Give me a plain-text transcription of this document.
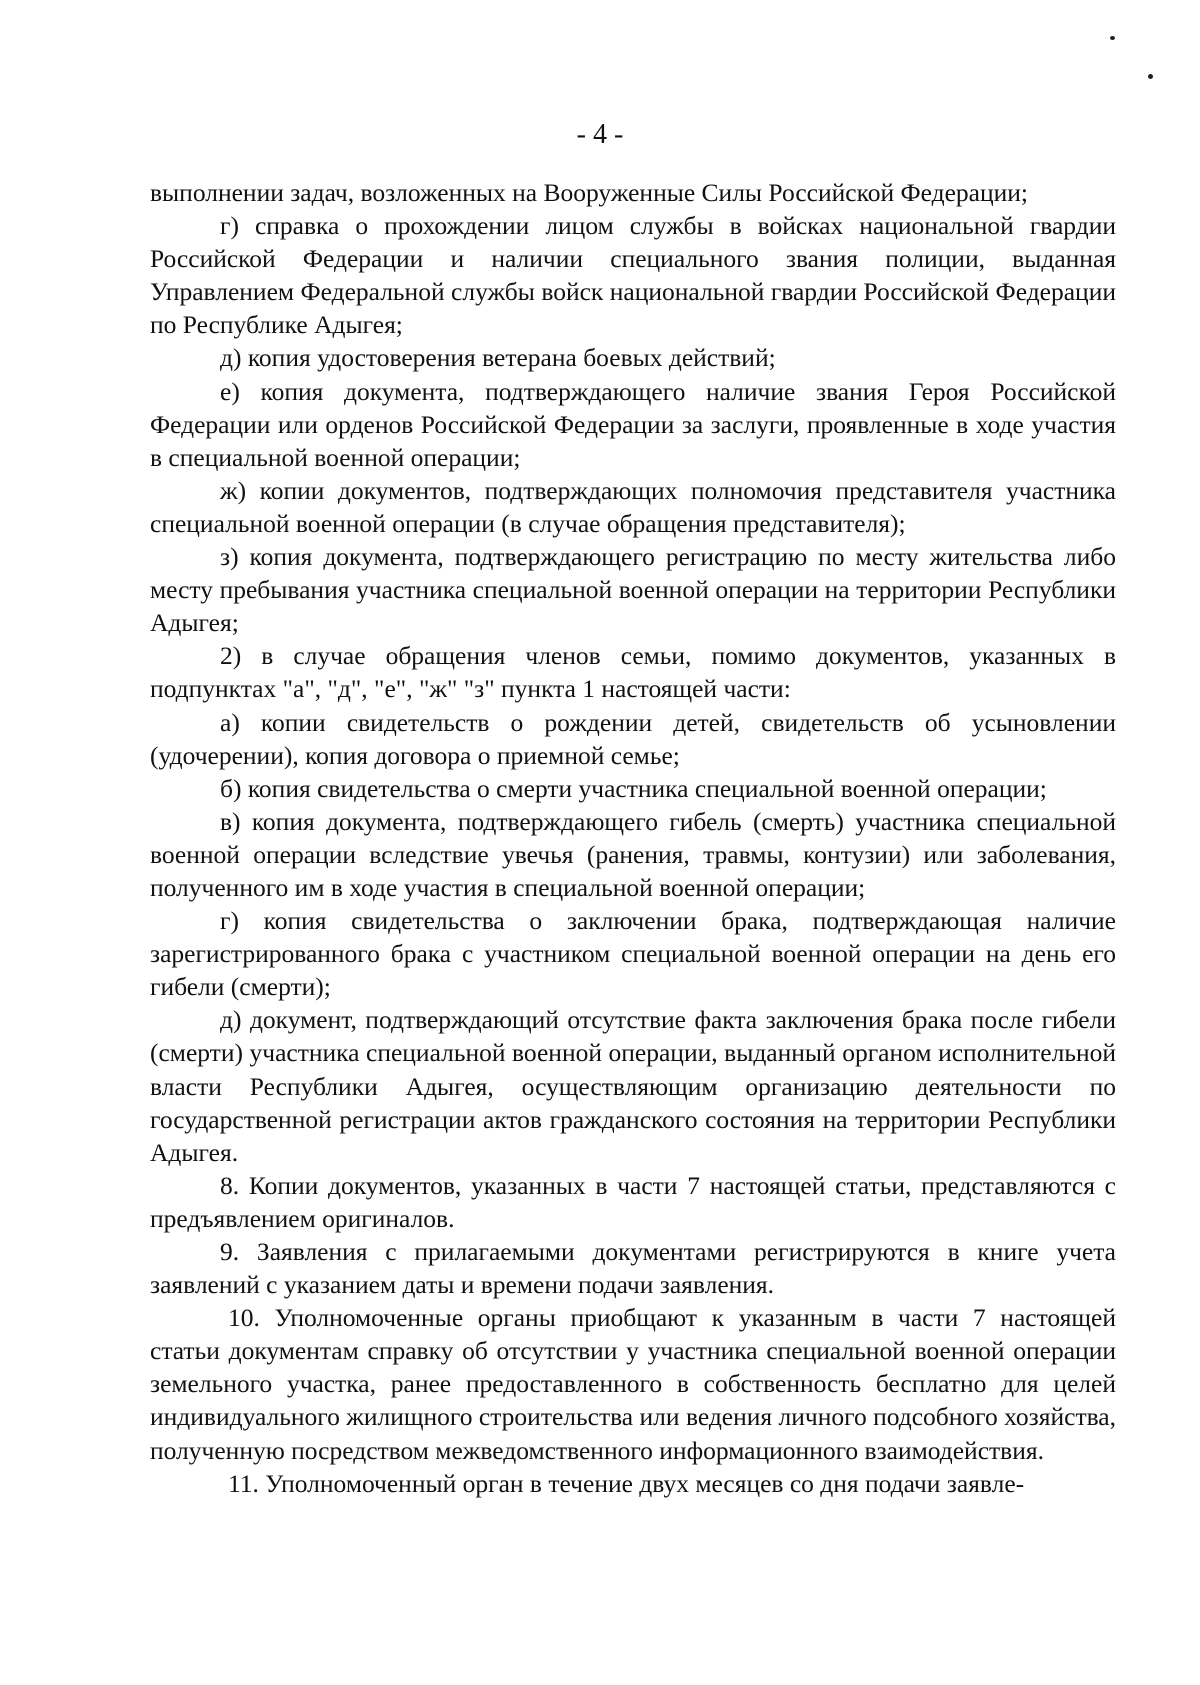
- 4 -

выполнении задач, возложенных на Вооруженные Силы Российской Федерации;

г) справка о прохождении лицом службы в войсках национальной гвардии Российской Федерации и наличии специального звания полиции, выданная Управлением Федеральной службы войск национальной гвардии Российской Федерации по Республике Адыгея;

д) копия удостоверения ветерана боевых действий;

е) копия документа, подтверждающего наличие звания Героя Российской Федерации или орденов Российской Федерации за заслуги, проявленные в ходе участия в специальной военной операции;

ж) копии документов, подтверждающих полномочия представителя участника специальной военной операции (в случае обращения представителя);

з) копия документа, подтверждающего регистрацию по месту жительства либо месту пребывания участника специальной военной операции на территории Республики Адыгея;

2) в случае обращения членов семьи, помимо документов, указанных в подпунктах "а", "д", "е", "ж" "з" пункта 1 настоящей части:

а) копии свидетельств о рождении детей, свидетельств об усыновлении (удочерении), копия договора о приемной семье;

б) копия свидетельства о смерти участника специальной военной операции;

в) копия документа, подтверждающего гибель (смерть) участника специальной военной операции вследствие увечья (ранения, травмы, контузии) или заболевания, полученного им в ходе участия в специальной военной операции;

г) копия свидетельства о заключении брака, подтверждающая наличие зарегистрированного брака с участником специальной военной операции на день его гибели (смерти);

д) документ, подтверждающий отсутствие факта заключения брака после гибели (смерти) участника специальной военной операции, выданный органом исполнительной власти Республики Адыгея, осуществляющим организацию деятельности по государственной регистрации актов гражданского состояния на территории Республики Адыгея.

8. Копии документов, указанных в части 7 настоящей статьи, представляются с предъявлением оригиналов.

9. Заявления с прилагаемыми документами регистрируются в книге учета заявлений с указанием даты и времени подачи заявления.

10. Уполномоченные органы приобщают к указанным в части 7 настоящей статьи документам справку об отсутствии у участника специальной военной операции земельного участка, ранее предоставленного в собственность бесплатно для целей индивидуального жилищного строительства или ведения личного подсобного хозяйства, полученную посредством межведомственного информационного взаимодействия.

11. Уполномоченный орган в течение двух месяцев со дня подачи заявле-
